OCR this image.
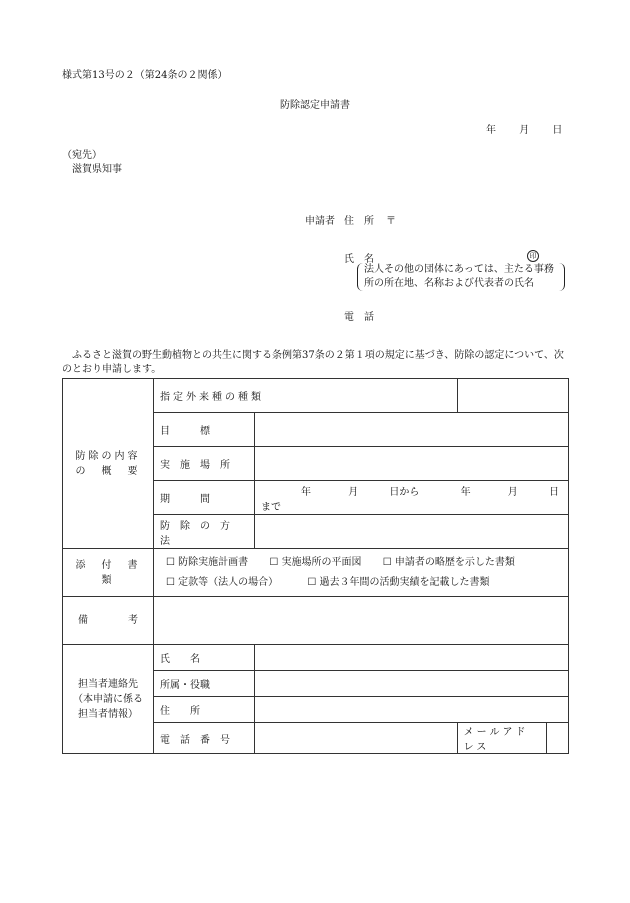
様式第13号の２（第24条の２関係）
防除認定申請書
年 月 日
（宛先）
滋賀県知事
申請者 住　所 〒
氏　名	印
法人その他の団体にあっては、主たる事務
所の所在地、名称および代表者の氏名
電　話
ふるさと滋賀の野生動植物との共生に関する条例第37条の２第１項の規定に基づき、防除の認定について、次のとおり申請します。
防除の内容
の　概　要	指定外来種の種類			
	目　　　標			
	実　施　場　所			
	期　　　間	年 月 日から 年 月 日まで		
	防　除　の　方　法			
添　付　書　類	☐ 防除実施計画書 ☐ 実施場所の平面図 ☐ 申請者の略歴を示した書類
☐ 定款等（法人の場合） ☐ 過去３年間の活動実績を記載した書類			

備　　　　考				

担当者連絡先
（本申請に係る
担当者情報）	氏　　名			
	所属・役職			
	住　　所			
	電　話　番　号		メールアドレス	
